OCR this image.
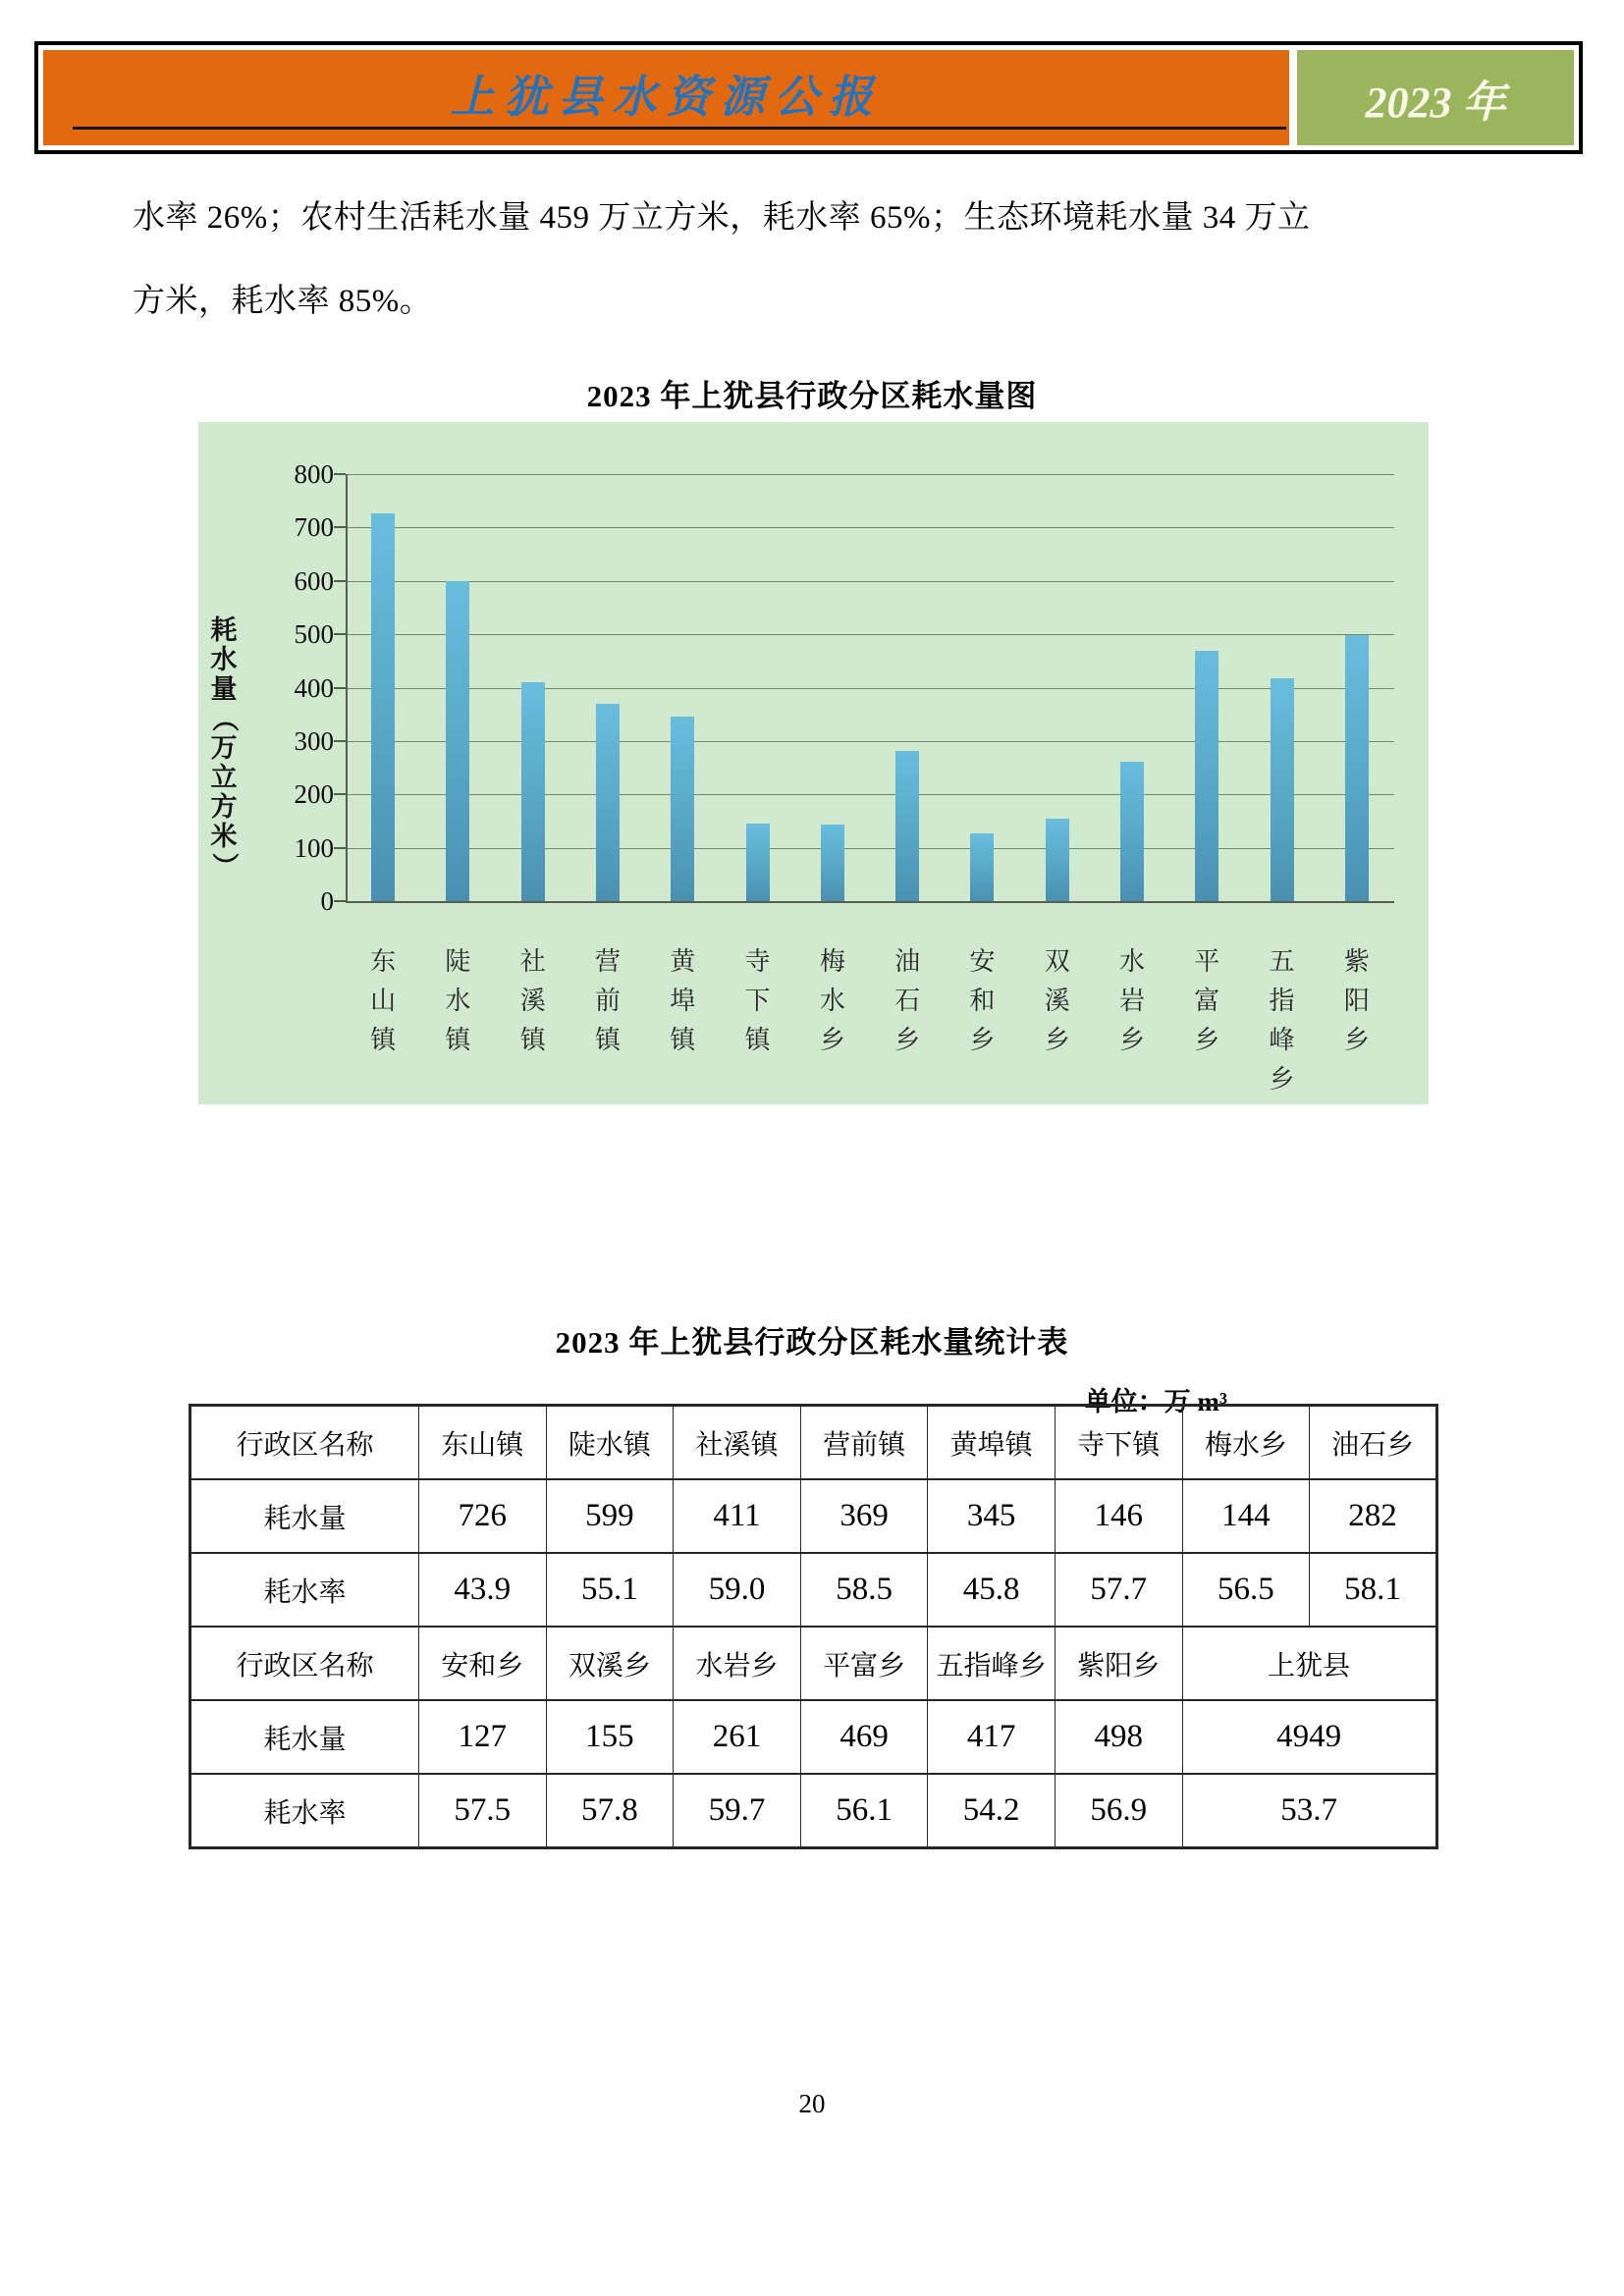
上犹县水资源公报	2023 年
水率 26%；农村生活耗水量 459 万立方米，耗水率 65%；生态环境耗水量 34 万立
方米，耗水率 85%。
2023 年上犹县行政分区耗水量图
0
100
200
300
400
500
600
700
800
东
山
镇
陡
水
镇
社
溪
镇
营
前
镇
黄
埠
镇
寺
下
镇
梅
水
乡
油
石
乡
安
和
乡
双
溪
乡
水
岩
乡
平
富
乡
五
指
峰
乡
紫
阳
乡
耗
水
量
（
万
立
方
米
）
2023 年上犹县行政分区耗水量统计表
单位：万 m³
行政区名称	东山镇	陡水镇	社溪镇	营前镇	黄埠镇	寺下镇	梅水乡	油石乡
耗水量	726	599	411	369	345	146	144	282
耗水率	43.9	55.1	59.0	58.5	45.8	57.7	56.5	58.1
行政区名称	安和乡	双溪乡	水岩乡	平富乡	五指峰乡	紫阳乡	上犹县	
耗水量	127	155	261	469	417	498	4949	
耗水率	57.5	57.8	59.7	56.1	54.2	56.9	53.7	
20
